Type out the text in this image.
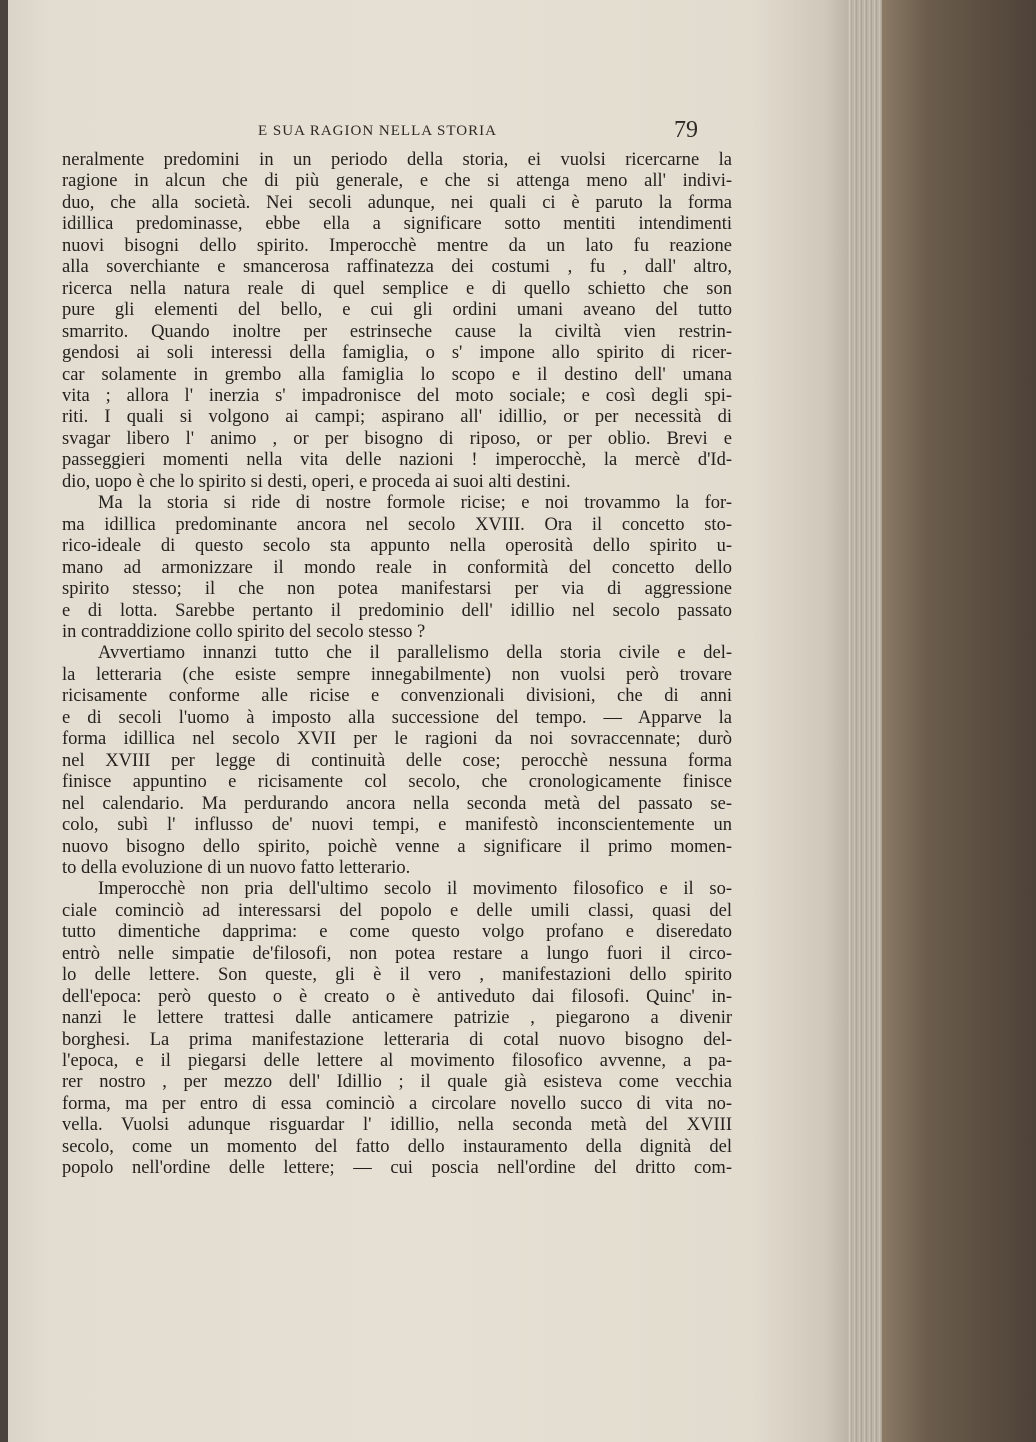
E SUA RAGION NELLA STORIA	79
neralmente predomini in un periodo della storia, ei vuolsi ricercarne la
ragione in alcun che di più generale, e che si attenga meno all' indivi-
duo, che alla società. Nei secoli adunque, nei quali ci è paruto la forma
idillica predominasse, ebbe ella a significare sotto mentiti intendimenti
nuovi bisogni dello spirito. Imperocchè mentre da un lato fu reazione
alla soverchiante e smancerosa raffinatezza dei costumi , fu , dall' altro,
ricerca nella natura reale di quel semplice e di quello schietto che son
pure gli elementi del bello, e cui gli ordini umani aveano del tutto
smarrito. Quando inoltre per estrinseche cause la civiltà vien restrin-
gendosi ai soli interessi della famiglia, o s' impone allo spirito di ricer-
car solamente in grembo alla famiglia lo scopo e il destino dell' umana
vita ; allora l' inerzia s' impadronisce del moto sociale; e così degli spi-
riti. I quali si volgono ai campi; aspirano all' idillio, or per necessità di
svagar libero l' animo , or per bisogno di riposo, or per oblio. Brevi e
passeggieri momenti nella vita delle nazioni ! imperocchè, la mercè d'Id-
dio, uopo è che lo spirito si desti, operi, e proceda ai suoi alti destini.
Ma la storia si ride di nostre formole ricise; e noi trovammo la for-
ma idillica predominante ancora nel secolo XVIII. Ora il concetto sto-
rico-ideale di questo secolo sta appunto nella operosità dello spirito u-
mano ad armonizzare il mondo reale in conformità del concetto dello
spirito stesso; il che non potea manifestarsi per via di aggressione
e di lotta. Sarebbe pertanto il predominio dell' idillio nel secolo passato
in contraddizione collo spirito del secolo stesso ?
Avvertiamo innanzi tutto che il parallelismo della storia civile e del-
la letteraria (che esiste sempre innegabilmente) non vuolsi però trovare
ricisamente conforme alle ricise e convenzionali divisioni, che di anni
e di secoli l'uomo à imposto alla successione del tempo. — Apparve la
forma idillica nel secolo XVII per le ragioni da noi sovraccennate; durò
nel XVIII per legge di continuità delle cose; perocchè nessuna forma
finisce appuntino e ricisamente col secolo, che cronologicamente finisce
nel calendario. Ma perdurando ancora nella seconda metà del passato se-
colo, subì l' influsso de' nuovi tempi, e manifestò inconscientemente un
nuovo bisogno dello spirito, poichè venne a significare il primo momen-
to della evoluzione di un nuovo fatto letterario.
Imperocchè non pria dell'ultimo secolo il movimento filosofico e il so-
ciale cominciò ad interessarsi del popolo e delle umili classi, quasi del
tutto dimentiche dapprima: e come questo volgo profano e diseredato
entrò nelle simpatie de'filosofi, non potea restare a lungo fuori il circo-
lo delle lettere. Son queste, gli è il vero , manifestazioni dello spirito
dell'epoca: però questo o è creato o è antiveduto dai filosofi. Quinc' in-
nanzi le lettere trattesi dalle anticamere patrizie , piegarono a divenir
borghesi. La prima manifestazione letteraria di cotal nuovo bisogno del-
l'epoca, e il piegarsi delle lettere al movimento filosofico avvenne, a pa-
rer nostro , per mezzo dell' Idillio ; il quale già esisteva come vecchia
forma, ma per entro di essa cominciò a circolare novello succo di vita no-
vella. Vuolsi adunque risguardar l' idillio, nella seconda metà del XVIII
secolo, come un momento del fatto dello instauramento della dignità del
popolo nell'ordine delle lettere; — cui poscia nell'ordine del dritto com-
